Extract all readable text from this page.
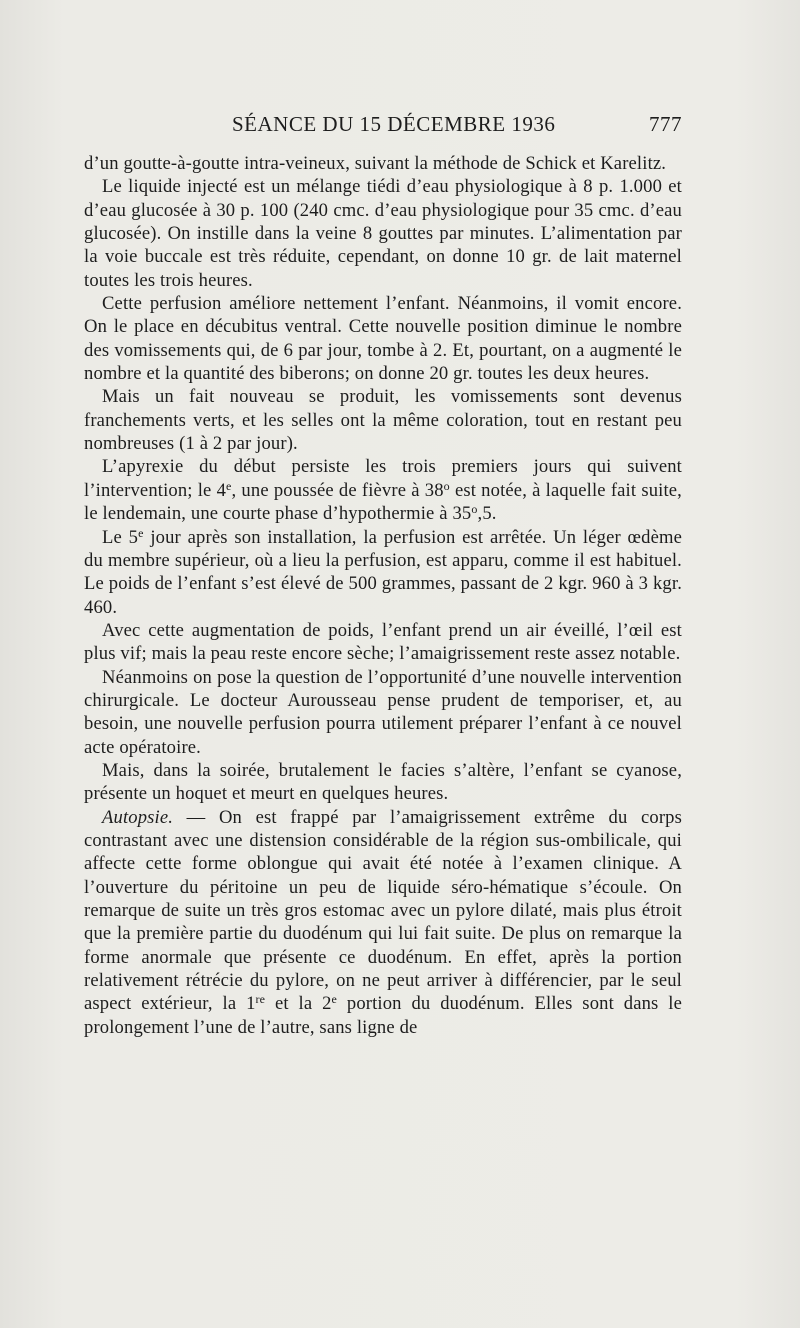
SÉANCE DU 15 DÉCEMBRE 1936	777

d’un goutte-à-goutte intra-veineux, suivant la méthode de Schick et Karelitz.

Le liquide injecté est un mélange tiédi d’eau physiologique à 8 p. 1.000 et d’eau glucosée à 30 p. 100 (240 cmc. d’eau physiologique pour 35 cmc. d’eau glucosée). On instille dans la veine 8 gouttes par minutes. L’alimentation par la voie buccale est très réduite, cependant, on donne 10 gr. de lait maternel toutes les trois heures.

Cette perfusion améliore nettement l’enfant. Néanmoins, il vomit encore. On le place en décubitus ventral. Cette nouvelle position diminue le nombre des vomissements qui, de 6 par jour, tombe à 2. Et, pourtant, on a augmenté le nombre et la quantité des biberons; on donne 20 gr. toutes les deux heures.

Mais un fait nouveau se produit, les vomissements sont devenus franchements verts, et les selles ont la même coloration, tout en restant peu nombreuses (1 à 2 par jour).

L’apyrexie du début persiste les trois premiers jours qui suivent l’intervention; le 4e, une poussée de fièvre à 38$^o$ est notée, à laquelle fait suite, le lendemain, une courte phase d’hypothermie à 35$^o$,5.

Le 5e jour après son installation, la perfusion est arrêtée. Un léger œdème du membre supérieur, où a lieu la perfusion, est apparu, comme il est habituel. Le poids de l’enfant s’est élevé de 500 grammes, passant de 2 kgr. 960 à 3 kgr. 460.

Avec cette augmentation de poids, l’enfant prend un air éveillé, l’œil est plus vif; mais la peau reste encore sèche; l’amaigrissement reste assez notable.

Néanmoins on pose la question de l’opportunité d’une nouvelle intervention chirurgicale. Le docteur Aurousseau pense prudent de temporiser, et, au besoin, une nouvelle perfusion pourra utilement préparer l’enfant à ce nouvel acte opératoire.

Mais, dans la soirée, brutalement le facies s’altère, l’enfant se cyanose, présente un hoquet et meurt en quelques heures.

Autopsie. — On est frappé par l’amaigrissement extrême du corps contrastant avec une distension considérable de la région sus-ombilicale, qui affecte cette forme oblongue qui avait été notée à l’examen clinique. A l’ouverture du péritoine un peu de liquide séro-hématique s’écoule. On remarque de suite un très gros estomac avec un pylore dilaté, mais plus étroit que la première partie du duodénum qui lui fait suite. De plus on remarque la forme anormale que présente ce duodénum. En effet, après la portion relativement rétrécie du pylore, on ne peut arriver à différencier, par le seul aspect extérieur, la 1re et la 2e portion du duodénum. Elles sont dans le prolongement l’une de l’autre, sans ligne de
